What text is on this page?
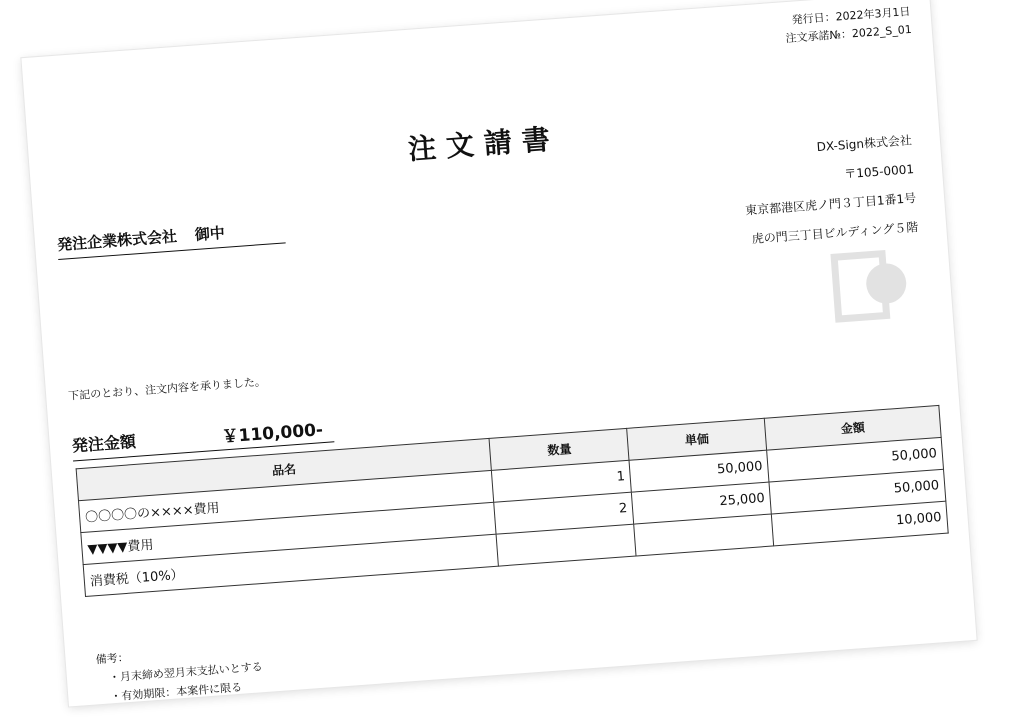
発行日：2022年3月1日
注文承諾№：2022_S_01
注文請書
発注企業株式会社 御中
DX-Sign株式会社
〒105-0001
東京都港区虎ノ門３丁目1番1号
虎の門三丁目ビルディング５階
下記のとおり、注文内容を承りました。
発注金額	￥110,000-
品名	数量	単価	金額
〇〇〇〇の××××費用	1	50,000	50,000
▼▼▼▼費用	2	25,000	50,000
消費税（10%）			10,000
備考：
・月末締め翌月末支払いとする
・有効期限：本案件に限る
